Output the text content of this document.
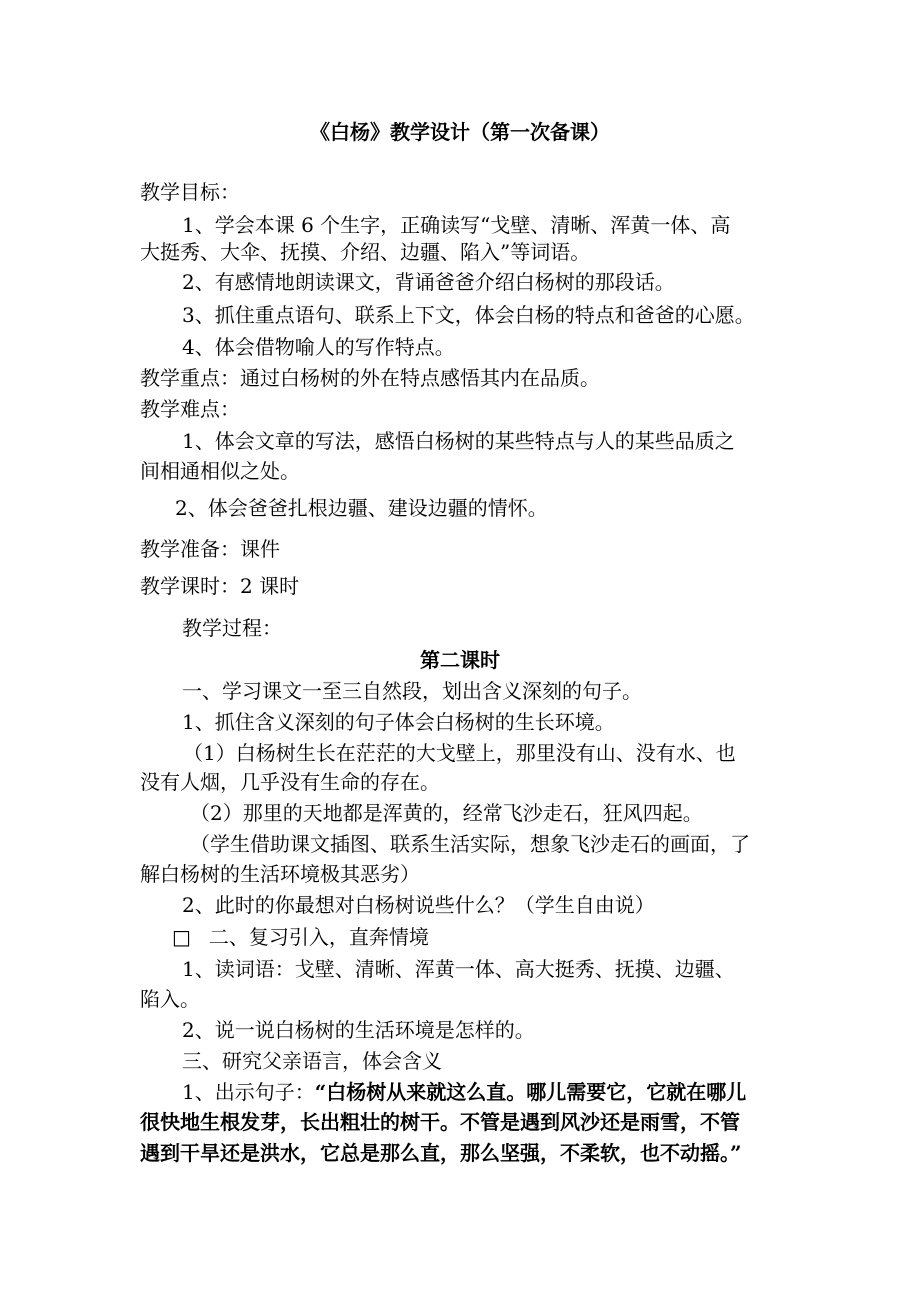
《白杨》教学设计（第一次备课）

教学目标：

1、学会本课 6 个生字，正确读写“戈壁、清晰、浑黄一体、高

大挺秀、大伞、抚摸、介绍、边疆、陷入”等词语。

2、有感情地朗读课文，背诵爸爸介绍白杨树的那段话。

3、抓住重点语句、联系上下文，体会白杨的特点和爸爸的心愿。

4、体会借物喻人的写作特点。

教学重点：通过白杨树的外在特点感悟其内在品质。

教学难点：

1、体会文章的写法，感悟白杨树的某些特点与人的某些品质之

间相通相似之处。

2、体会爸爸扎根边疆、建设边疆的情怀。

教学准备：课件

教学课时：2 课时

教学过程：

第二课时

一、学习课文一至三自然段，划出含义深刻的句子。

1、抓住含义深刻的句子体会白杨树的生长环境。

（1）白杨树生长在茫茫的大戈壁上，那里没有山、没有水、也

没有人烟，几乎没有生命的存在。

（2）那里的天地都是浑黄的，经常飞沙走石，狂风四起。

（学生借助课文插图、联系生活实际，想象飞沙走石的画面，了

解白杨树的生活环境极其恶劣）

2、此时的你最想对白杨树说些什么？（学生自由说）

□ 二、复习引入，直奔情境

1、读词语：戈壁、清晰、浑黄一体、高大挺秀、抚摸、边疆、

陷入。

2、说一说白杨树的生活环境是怎样的。

三、研究父亲语言，体会含义

1、出示句子：“白杨树从来就这么直。哪儿需要它，它就在哪儿

很快地生根发芽，长出粗壮的树干。不管是遇到风沙还是雨雪，不管

遇到干旱还是洪水，它总是那么直，那么坚强，不柔软，也不动摇。”
